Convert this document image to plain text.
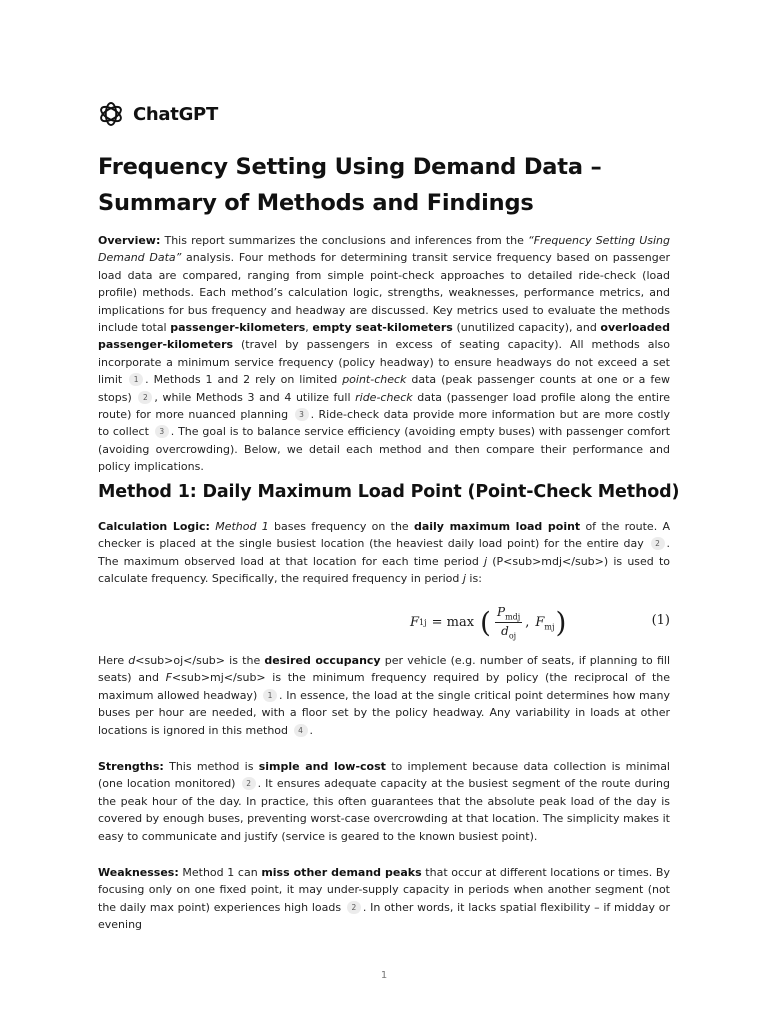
ChatGPT
Frequency Setting Using Demand Data – Summary of Methods and Findings

Overview: This report summarizes the conclusions and inferences from the “Frequency Setting Using Demand Data” analysis. Four methods for determining transit service frequency based on passenger load data are compared, ranging from simple point-check approaches to detailed ride-check (load profile) methods. Each method’s calculation logic, strengths, weaknesses, performance metrics, and implications for bus frequency and headway are discussed. Key metrics used to evaluate the methods include total passenger-kilometers, empty seat-kilometers (unutilized capacity), and overloaded passenger-kilometers (travel by passengers in excess of seating capacity). All methods also incorporate a minimum service frequency (policy headway) to ensure headways do not exceed a set limit 1 . Methods 1 and 2 rely on limited point-check data (peak passenger counts at one or a few stops) 2 , while Methods 3 and 4 utilize full ride-check data (passenger load profile along the entire route) for more nuanced planning 3 . Ride-check data provide more information but are more costly to collect 3 . The goal is to balance service efficiency (avoiding empty buses) with passenger comfort (avoiding overcrowding). Below, we detail each method and then compare their performance and policy implications.

Method 1: Daily Maximum Load Point (Point-Check Method)

Calculation Logic: Method 1 bases frequency on the daily maximum load point of the route. A checker is placed at the single busiest location (the heaviest daily load point) for the entire day 2 . The maximum observed load at that location for each time period j (P<sub>mdj</sub>) is used to calculate frequency. Specifically, the required frequency in period j is:

F 1j = max ( $\frac{P_{mdj}}{d_{oj}}$ , $F_{mj}$ )	(1)

Here d<sub>oj</sub> is the desired occupancy per vehicle (e.g. number of seats, if planning to fill seats) and F<sub>mj</sub> is the minimum frequency required by policy (the reciprocal of the maximum allowed headway) 1 . In essence, the load at the single critical point determines how many buses per hour are needed, with a floor set by the policy headway. Any variability in loads at other locations is ignored in this method 4 .

Strengths: This method is simple and low-cost to implement because data collection is minimal (one location monitored) 2 . It ensures adequate capacity at the busiest segment of the route during the peak hour of the day. In practice, this often guarantees that the absolute peak load of the day is covered by enough buses, preventing worst-case overcrowding at that location. The simplicity makes it easy to communicate and justify (service is geared to the known busiest point).

Weaknesses: Method 1 can miss other demand peaks that occur at different locations or times. By focusing only on one fixed point, it may under-supply capacity in periods when another segment (not the daily max point) experiences high loads 2 . In other words, it lacks spatial flexibility – if midday or evening

1
